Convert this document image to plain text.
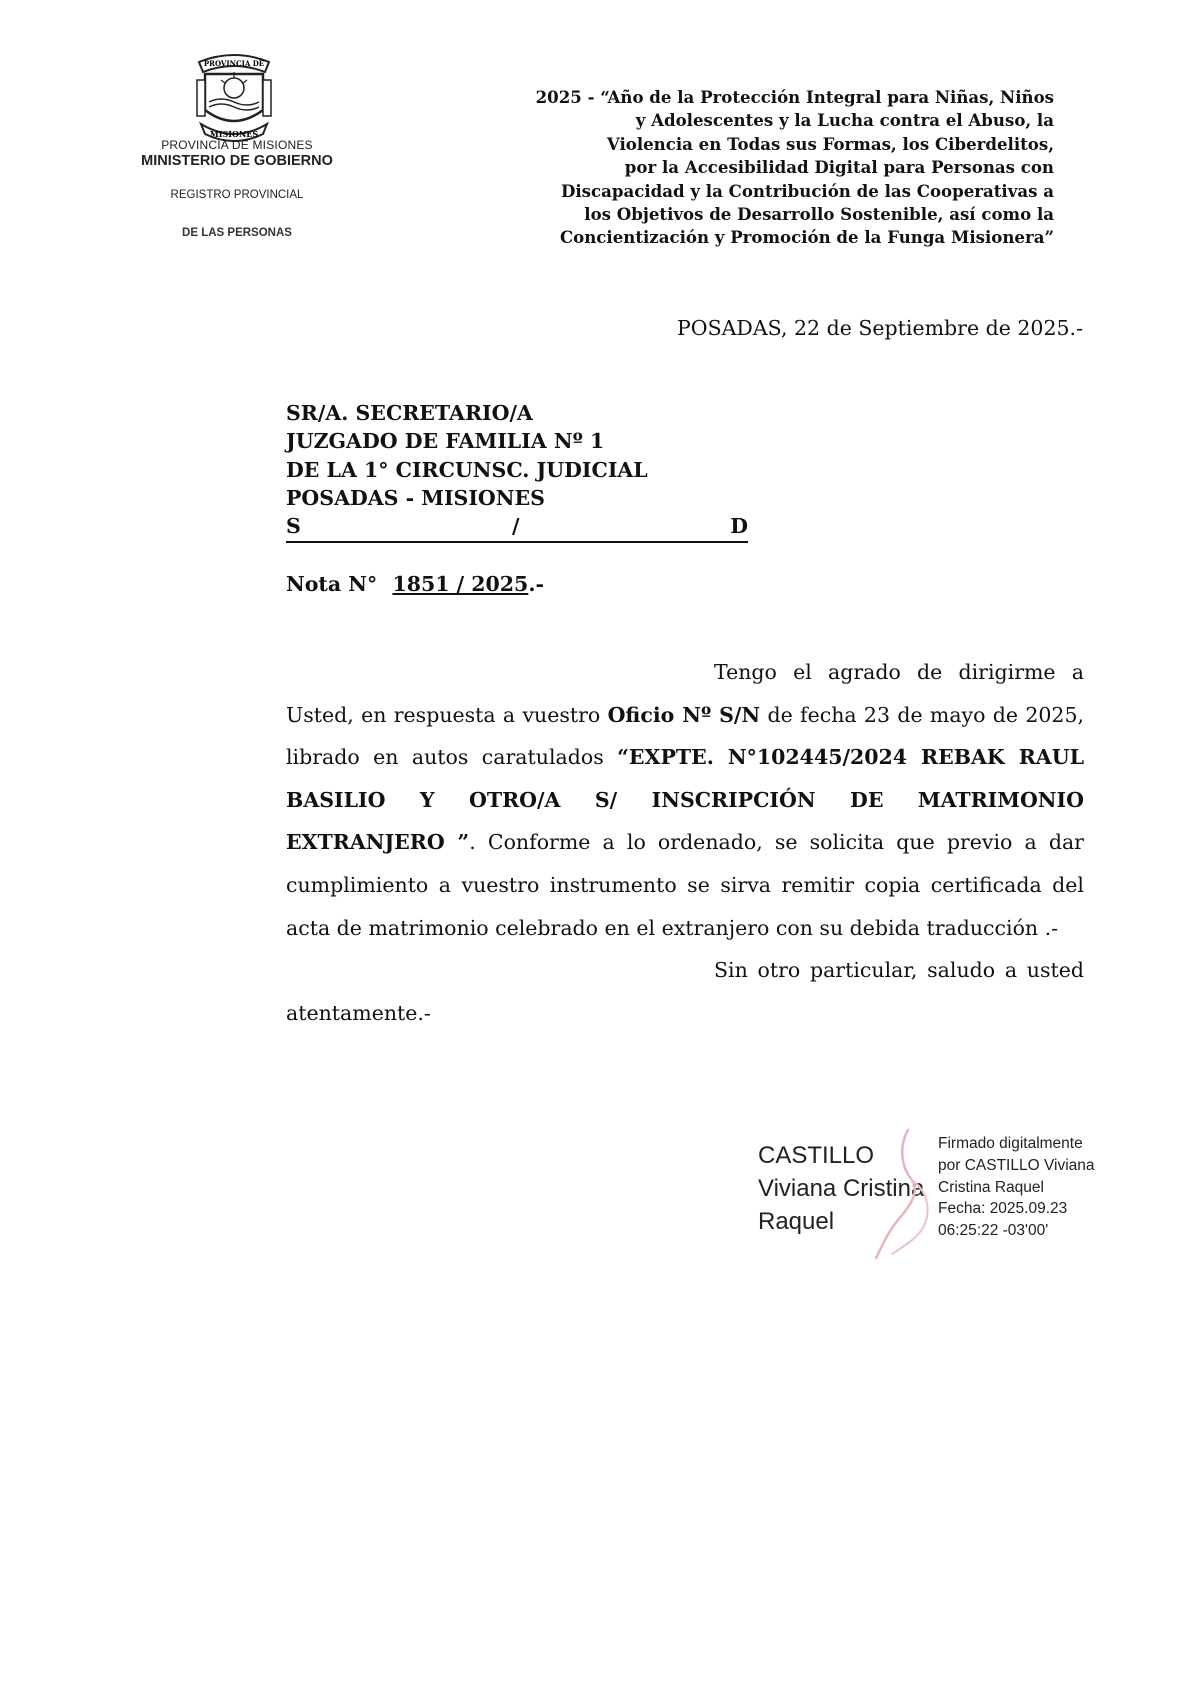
PROVINCIA DE
MISIONES
PROVINCIA DE MISIONES
MINISTERIO DE GOBIERNO
REGISTRO PROVINCIAL
DE LAS PERSONAS
2025 - “Año de la Protección Integral para Niñas, Niños
y Adolescentes y la Lucha contra el Abuso, la
Violencia en Todas sus Formas, los Ciberdelitos,
por la Accesibilidad Digital para Personas con
Discapacidad y la Contribución de las Cooperativas a
los Objetivos de Desarrollo Sostenible, así como la
Concientización y Promoción de la Funga Misionera”
POSADAS, 22 de Septiembre de 2025.-
SR/A. SECRETARIO/A
JUZGADO DE FAMILIA Nº 1
DE LA 1° CIRCUNSC. JUDICIAL
POSADAS - MISIONES
S	/	D
Nota N° 1851 / 2025.-

Tengo el agrado de dirigirme a Usted, en respuesta a vuestro Oficio Nº S/N de fecha 23 de mayo de 2025, librado en autos caratulados “EXPTE. N°102445/2024 REBAK RAUL BASILIO Y OTRO/A S/ INSCRIPCIÓN DE MATRIMONIO EXTRANJERO ”. Conforme a lo ordenado, se solicita que previo a dar cumplimiento a vuestro instrumento se sirva remitir copia certificada del acta de matrimonio celebrado en el extranjero con su debida traducción .-

Sin otro particular, saludo a usted atentamente.-

CASTILLO
Viviana Cristina
Raquel
Firmado digitalmente
por CASTILLO Viviana
Cristina Raquel
Fecha: 2025.09.23
06:25:22 -03'00'
